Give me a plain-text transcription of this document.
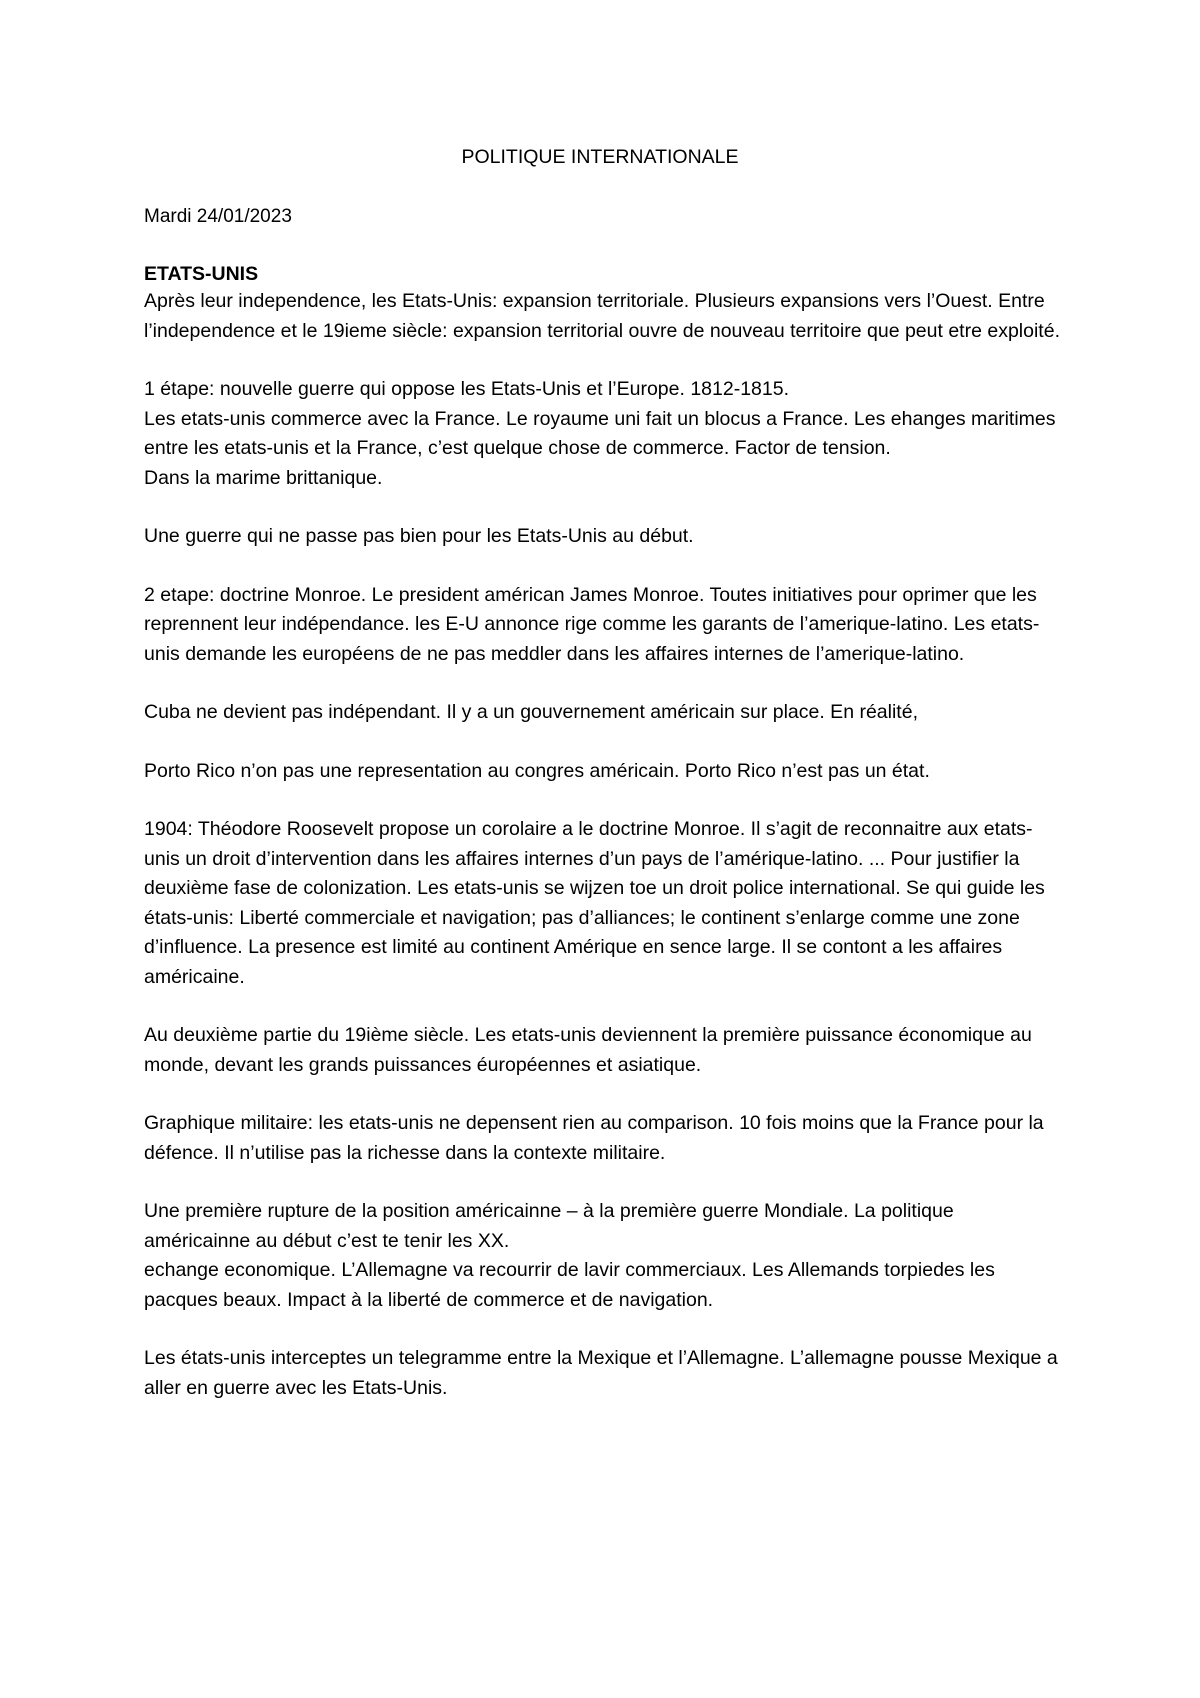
POLITIQUE INTERNATIONALE

Mardi 24/01/2023

ETATS-UNIS

Après leur independence, les Etats-Unis: expansion territoriale. Plusieurs expansions vers l’Ouest. Entre l’independence et le 19ieme siècle: expansion territorial ouvre de nouveau territoire que peut etre exploité.

1 étape: nouvelle guerre qui oppose les Etats-Unis et l’Europe. 1812-1815.

Les etats-unis commerce avec la France. Le royaume uni fait un blocus a France. Les ehanges maritimes entre les etats-unis et la France, c’est quelque chose de commerce. Factor de tension.

Dans la marime brittanique.

Une guerre qui ne passe pas bien pour les Etats-Unis au début.

2 etape: doctrine Monroe. Le president américan James Monroe. Toutes initiatives pour oprimer que les reprennent leur indépendance. les E-U annonce rige comme les garants de l’amerique-latino. Les etats-unis demande les européens de ne pas meddler dans les affaires internes de l’amerique-latino.

Cuba ne devient pas indépendant. Il y a un gouvernement américain sur place. En réalité,

Porto Rico n’on pas une representation au congres américain. Porto Rico n’est pas un état.

1904: Théodore Roosevelt propose un corolaire a le doctrine Monroe. Il s’agit de reconnaitre aux etats-unis un droit d’intervention dans les affaires internes d’un pays de l’amérique-latino. ... Pour justifier la deuxième fase de colonization. Les etats-unis se wijzen toe un droit police international. Se qui guide les états-unis: Liberté commerciale et navigation; pas d’alliances; le continent s’enlarge comme une zone d’influence. La presence est limité au continent Amérique en sence large. Il se contont a les affaires américaine.

Au deuxième partie du 19ième siècle. Les etats-unis deviennent la première puissance économique au monde, devant les grands puissances éuropéennes et asiatique.

Graphique militaire: les etats-unis ne depensent rien au comparison. 10 fois moins que la France pour la défence. Il n’utilise pas la richesse dans la contexte militaire.

Une première rupture de la position américainne – à la première guerre Mondiale. La politique américainne au début c’est te tenir les XX.

echange economique. L’Allemagne va recourrir de lavir commerciaux. Les Allemands torpiedes les pacques beaux. Impact à la liberté de commerce et de navigation.

Les états-unis interceptes un telegramme entre la Mexique et l’Allemagne. L’allemagne pousse Mexique a aller en guerre avec les Etats-Unis.
